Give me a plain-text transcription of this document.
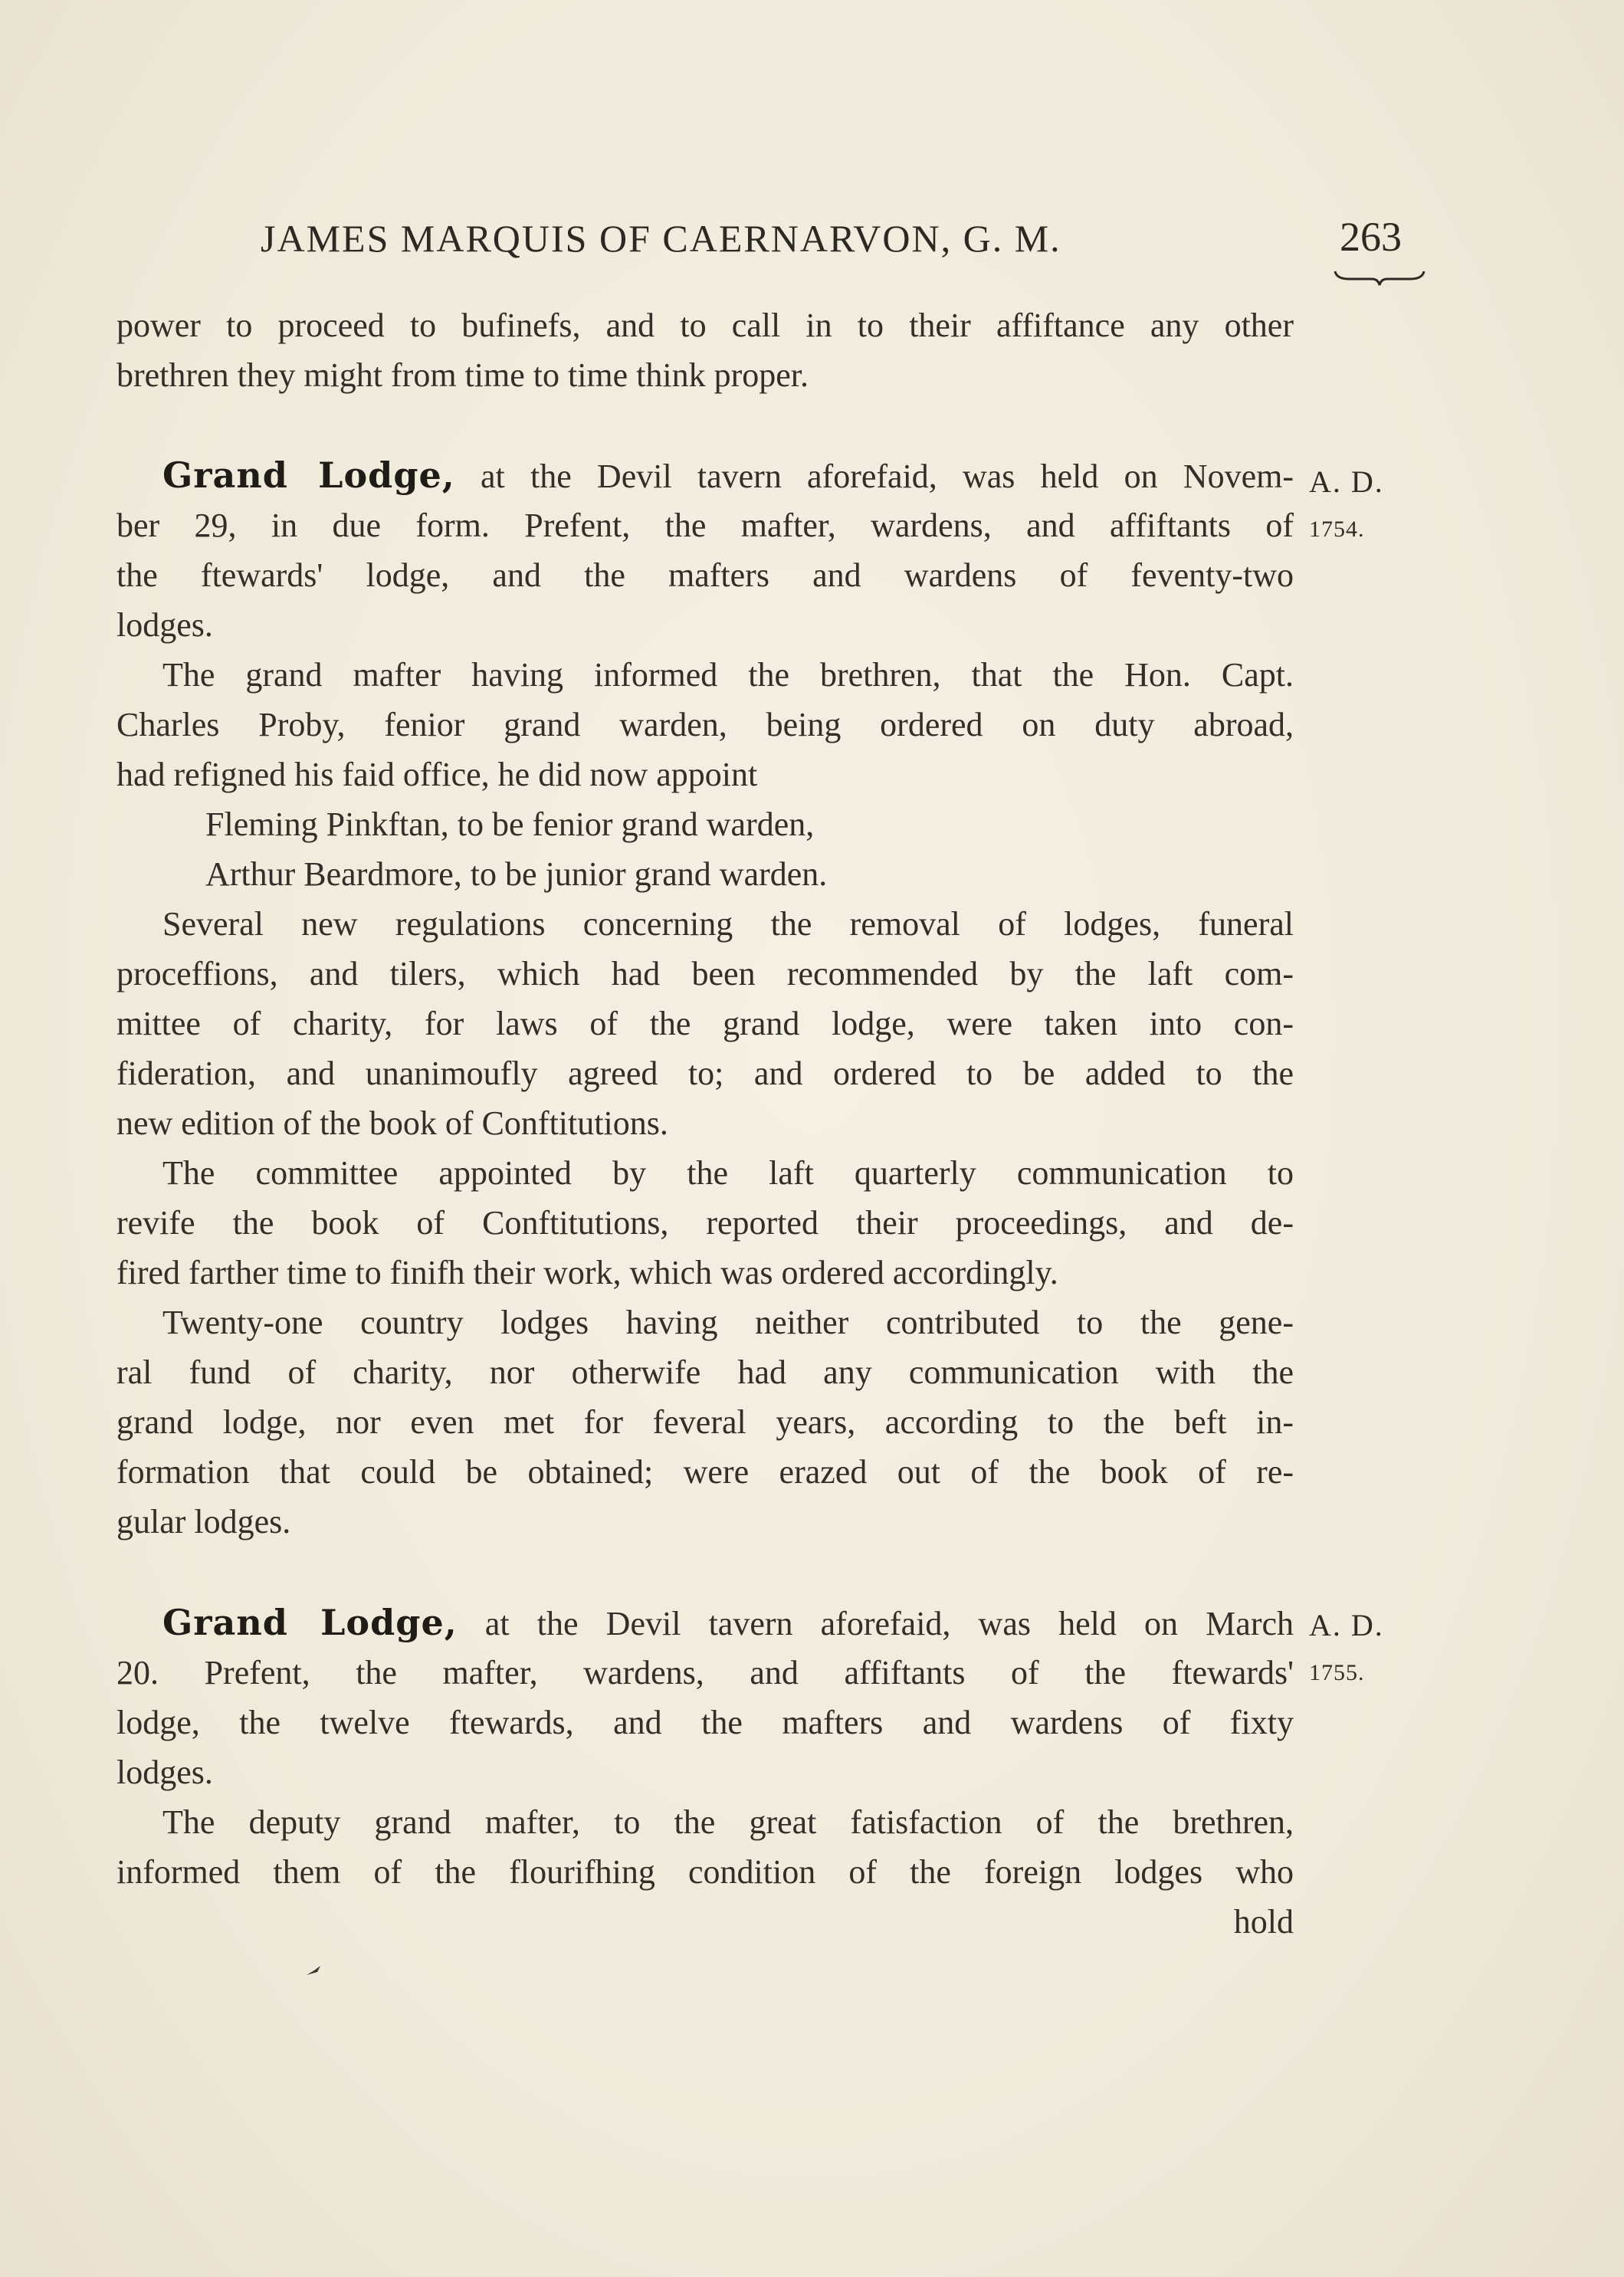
JAMES MARQUIS OF CAERNARVON, G. M.	263
power to proceed to bufinefs, and to call in to their affiftance any other
brethren they might from time to time think proper.
Grand Lodge, at the Devil tavern aforefaid, was held on Novem-
ber 29, in due form. Prefent, the mafter, wardens, and affiftants of
the ftewards' lodge, and the mafters and wardens of feventy-two
lodges.
The grand mafter having informed the brethren, that the Hon. Capt.
Charles Proby, fenior grand warden, being ordered on duty abroad,
had refigned his faid office, he did now appoint
Fleming Pinkftan, to be fenior grand warden,
Arthur Beardmore, to be junior grand warden.
Several new regulations concerning the removal of lodges, funeral
proceffions, and tilers, which had been recommended by the laft com-
mittee of charity, for laws of the grand lodge, were taken into con-
fideration, and unanimoufly agreed to; and ordered to be added to the
new edition of the book of Conftitutions.
The committee appointed by the laft quarterly communication to
revife the book of Conftitutions, reported their proceedings, and de-
fired farther time to finifh their work, which was ordered accordingly.
Twenty-one country lodges having neither contributed to the gene-
ral fund of charity, nor otherwife had any communication with the
grand lodge, nor even met for feveral years, according to the beft in-
formation that could be obtained; were erazed out of the book of re-
gular lodges.
A. D.
1754.
Grand Lodge, at the Devil tavern aforefaid, was held on March
20. Prefent, the mafter, wardens, and affiftants of the ftewards'
lodge, the twelve ftewards, and the mafters and wardens of fixty
lodges.
The deputy grand mafter, to the great fatisfaction of the brethren,
informed them of the flourifhing condition of the foreign lodges who
hold
A. D.
1755.
